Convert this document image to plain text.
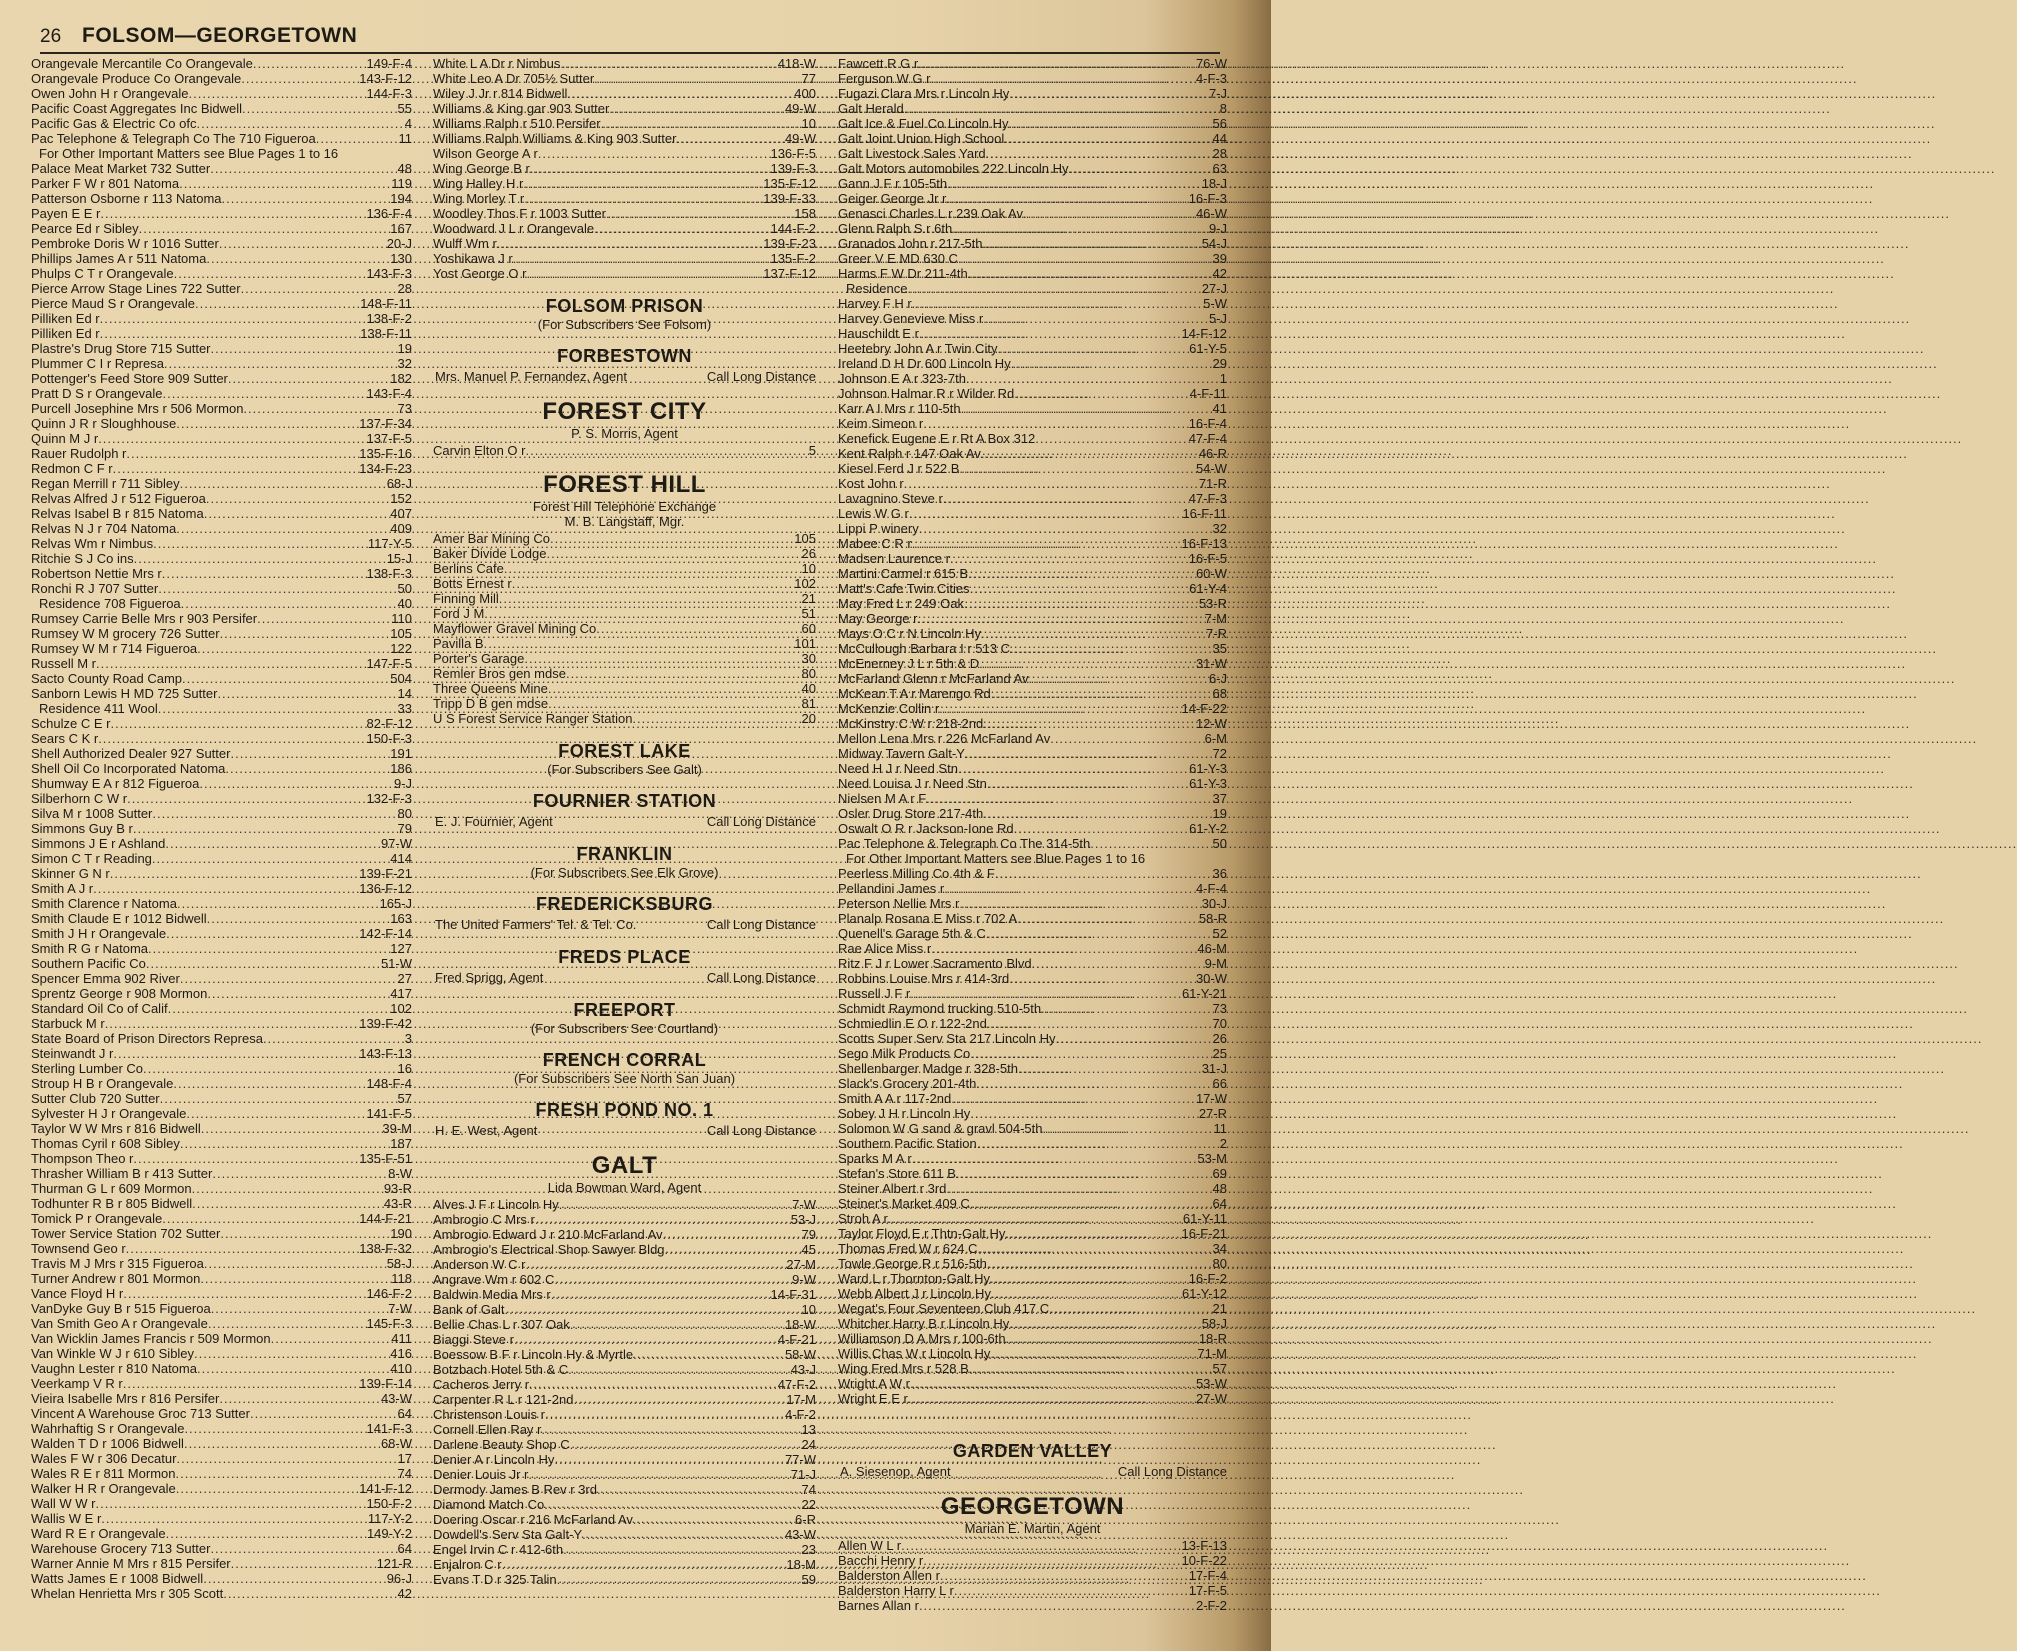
26 FOLSOM—GEORGETOWN
Orangevale Mercantile Co Orangevale .....	149-F-4
Orangevale Produce Co Orangevale .....	143-F-12
Owen John H r Orangevale .....	144-F-3
Pacific Coast Aggregates Inc Bidwell .....	55
Pacific Gas & Electric Co ofc .....	4
Pac Telephone & Telegraph Co The 710 Figueroa .....	11
For Other Important Matters see Blue Pages 1 to 16
Palace Meat Market 732 Sutter .....	48
Parker F W r 801 Natoma .....	119
Patterson Osborne r 113 Natoma .....	194
Payen E E r .....	136-F-4
Pearce Ed r Sibley .....	167
Pembroke Doris W r 1016 Sutter .....	20-J
Phillips James A r 511 Natoma .....	130
Phulps C T r Orangevale .....	143-F-3
Pierce Arrow Stage Lines 722 Sutter .....	28
Pierce Maud S r Orangevale .....	148-F-11
Pilliken Ed r .....	138-F-2
Pilliken Ed r .....	138-F-11
Plastre's Drug Store 715 Sutter .....	19
Plummer C I r Represa .....	32
Pottenger's Feed Store 909 Sutter .....	182
Pratt D S r Orangevale .....	143-F-4
Purcell Josephine Mrs r 506 Mormon .....	73
Quinn J R r Sloughhouse .....	137-F-34
Quinn M J r .....	137-F-5
Rauer Rudolph r .....	135-F-16
Redmon C F r .....	134-F-23
Regan Merrill r 711 Sibley .....	68-J
Relvas Alfred J r 512 Figueroa .....	152
Relvas Isabel B r 815 Natoma .....	407
Relvas N J r 704 Natoma .....	409
Relvas Wm r Nimbus .....	117-Y-5
Ritchie S J Co ins .....	15-J
Robertson Nettie Mrs r .....	138-F-3
Ronchi R J 707 Sutter .....	50
Residence 708 Figueroa .....	40
Rumsey Carrie Belle Mrs r 903 Persifer .....	110
Rumsey W M grocery 726 Sutter .....	105
Rumsey W M r 714 Figueroa .....	122
Russell M r .....	147-F-5
Sacto County Road Camp .....	504
Sanborn Lewis H MD 725 Sutter .....	14
Residence 411 Wool .....	33
Schulze C E r .....	82-F-12
Sears C K r .....	150-F-3
Shell Authorized Dealer 927 Sutter .....	191
Shell Oil Co Incorporated Natoma .....	186
Shumway E A r 812 Figueroa .....	9-J
Silberhorn C W r .....	132-F-3
Silva M r 1008 Sutter .....	80
Simmons Guy B r .....	79
Simmons J E r Ashland .....	97-W
Simon C T r Reading .....	414
Skinner G N r .....	139-F-21
Smith A J r .....	136-F-12
Smith Clarence r Natoma .....	165-J
Smith Claude E r 1012 Bidwell .....	163
Smith J H r Orangevale .....	142-F-14
Smith R G r Natoma .....	127
Southern Pacific Co .....	51-W
Spencer Emma 902 River .....	27
Sprentz George r 908 Mormon .....	417
Standard Oil Co of Calif .....	102
Starbuck M r .....	139-F-42
State Board of Prison Directors Represa .....	3
Steinwandt J r .....	143-F-13
Sterling Lumber Co .....	16
Stroup H B r Orangevale .....	148-F-4
Sutter Club 720 Sutter .....	57
Sylvester H J r Orangevale .....	141-F-5
Taylor W W Mrs r 816 Bidwell .....	39-M
Thomas Cyril r 608 Sibley .....	187
Thompson Theo r .....	135-F-51
Thrasher William B r 413 Sutter .....	8-W
Thurman G L r 609 Mormon .....	93-R
Todhunter R B r 805 Bidwell .....	43-R
Tomick P r Orangevale .....	144-F-21
Tower Service Station 702 Sutter .....	190
Townsend Geo r .....	138-F-32
Travis M J Mrs r 315 Figueroa .....	58-J
Turner Andrew r 801 Mormon .....	118
Vance Floyd H r .....	146-F-2
VanDyke Guy B r 515 Figueroa .....	7-W
Van Smith Geo A r Orangevale .....	145-F-3
Van Wicklin James Francis r 509 Mormon .....	411
Van Winkle W J r 610 Sibley .....	416
Vaughn Lester r 810 Natoma .....	410
Veerkamp V R r .....	139-F-14
Vieira Isabelle Mrs r 816 Persifer .....	43-W
Vincent A Warehouse Groc 713 Sutter .....	64
Wahrhaftig S r Orangevale .....	141-F-3
Walden T D r 1006 Bidwell .....	68-W
Wales F W r 306 Decatur .....	17
Wales R E r 811 Mormon .....	74
Walker H R r Orangevale .....	141-F-12
Wall W W r .....	150-F-2
Wallis W E r .....	117-Y-2
Ward R E r Orangevale .....	149-Y-2
Warehouse Grocery 713 Sutter .....	64
Warner Annie M Mrs r 815 Persifer .....	121-R
Watts James E r 1008 Bidwell .....	96-J
Whelan Henrietta Mrs r 305 Scott .....	42
White L A Dr r Nimbus .....	418-W
White Leo A Dr 705½ Sutter .....	77
Wiley J Jr r 814 Bidwell .....	400
Williams & King gar 903 Sutter .....	49-W
Williams Ralph r 510 Persifer .....	10
Williams Ralph Williams & King 903 Sutter .....	49-W
Wilson George A r .....	136-F-5
Wing George B r .....	139-F-3
Wing Halley H r .....	135-F-12
Wing Morley T r .....	139-F-33
Woodley Thos F r 1003 Sutter .....	158
Woodward J L r Orangevale .....	144-F-2
Wulff Wm r .....	139-F-23
Yoshikawa J r .....	135-F-2
Yost George O r .....	137-F-12
FOLSOM PRISON
(For Subscribers See Folsom)
FORBESTOWN
Mrs. Manuel P. Fernandez, Agent	Call Long Distance
FOREST CITY
P. S. Morris, Agent
Carvin Elton O r .....	5
FOREST HILL
Forest Hill Telephone Exchange
M. B. Langstaff, Mgr.
Amer Bar Mining Co .....	105
Baker Divide Lodge .....	26
Berlins Cafe .....	10
Botts Ernest r .....	102
Finning Mill .....	21
Ford J M .....	51
Mayflower Gravel Mining Co .....	60
Pavilla B .....	101
Porter's Garage .....	30
Remler Bros gen mdse .....	80
Three Queens Mine .....	40
Tripp D B gen mdse .....	81
U S Forest Service Ranger Station .....	20
FOREST LAKE
(For Subscribers See Galt)
FOURNIER STATION
E. J. Fournier, Agent	Call Long Distance
FRANKLIN
(For Subscribers See Elk Grove)
FREDERICKSBURG
The United Farmers' Tel. & Tel. Co.	Call Long Distance
FREDS PLACE
Fred Sprigg, Agent	Call Long Distance
FREEPORT
(For Subscribers See Courtland)
FRENCH CORRAL
(For Subscribers See North San Juan)
FRESH POND NO. 1
H. E. West, Agent	Call Long Distance
GALT
Lida Bowman Ward, Agent
Alves J F r Lincoln Hy .....	7-W
Ambrogio C Mrs r .....	53-J
Ambrogio Edward J r 210 McFarland Av .....	79
Ambrogio's Electrical Shop Sawyer Bldg .....	45
Anderson W C r .....	27-M
Angrave Wm r 602 C .....	9-W
Baldwin Media Mrs r .....	14-F-31
Bank of Galt .....	10
Bellie Chas L r 307 Oak .....	18-W
Biaggi Steve r .....	4-F-21
Boessow B F r Lincoln Hy & Myrtle .....	58-W
Botzbach Hotel 5th & C .....	43-J
Cacheros Jerry r .....	47-F-2
Carpenter R L r 121-2nd .....	17-M
Christenson Louis r .....	4-F-2
Cornell Ellen Ray r .....	13
Darlene Beauty Shop C .....	24
Denier A r Lincoln Hy .....	77-W
Denier Louis Jr r .....	71-J
Dermody James B Rev r 3rd .....	74
Diamond Match Co .....	22
Doering Oscar r 216 McFarland Av .....	6-R
Dowdell's Serv Sta Galt-Y .....	43-W
Engel Irvin C r 412-6th .....	23
Enjalron C r .....	18-M
Evans T D r 325 Talin .....	59
Fawcett R G r .....	76-W
Ferguson W G r .....	4-F-3
Fugazi Clara Mrs r Lincoln Hy .....	7-J
Galt Herald .....	8
Galt Ice & Fuel Co Lincoln Hy .....	56
Galt Joint Union High School .....	44
Galt Livestock Sales Yard .....	28
Galt Motors automobiles 222 Lincoln Hy .....	63
Gann J F r 105-5th .....	18-J
Geiger George Jr r .....	16-F-3
Genasci Charles L r 239 Oak Av .....	46-W
Glenn Ralph S r 6th .....	9-J
Granados John r 217-5th .....	54-J
Greer V E MD 630 C .....	39
Harms F W Dr 211-4th .....	42
Residence .....	27-J
Harvey F H r .....	5-W
Harvey Genevieve Miss r .....	5-J
Hauschildt E r .....	14-F-12
Heetebry John A r Twin City .....	61-Y-5
Ireland D H Dr 600 Lincoln Hy .....	29
Johnson E A r 323-7th .....	1
Johnson Halmar R r Wilder Rd .....	4-F-11
Karr A I Mrs r 110-5th .....	41
Keim Simeon r .....	16-F-4
Kenefick Eugene E r Rt A Box 312 .....	47-F-4
Kent Ralph r 147 Oak Av .....	46-R
Kiesel Ferd J r 522 B .....	54-W
Kost John r .....	71-R
Lavagnino Steve r .....	47-F-3
Lewis W G r .....	16-F-11
Lippi P winery .....	32
Mabee C R r .....	16-F-13
Madsen Laurence r .....	16-F-5
Martini Carmel r 615 B .....	60-W
Matt's Cafe Twin Cities .....	61-Y-4
May Fred L r 249 Oak .....	53-R
May George r .....	7-M
Mays O C r N Lincoln Hy .....	7-R
McCullough Barbara I r 513 C .....	35
McEnerney J L r 5th & D .....	31-W
McFarland Glenn r McFarland Av .....	6-J
McKean T A r Marengo Rd .....	68
McKenzie Collin r .....	14-F-22
McKinstry C W r 218-2nd .....	12-W
Mellon Lena Mrs r 226 McFarland Av .....	6-M
Midway Tavern Galt-Y .....	72
Need H J r Need Stn .....	61-Y-3
Need Louisa J r Need Stn .....	61-Y-3
Nielsen M A r F .....	37
Osler Drug Store 217-4th .....	19
Oswalt O R r Jackson-Ione Rd .....	61-Y-2
Pac Telephone & Telegraph Co The 314-5th .....	50
For Other Important Matters see Blue Pages 1 to 16
Peerless Milling Co 4th & F .....	36
Pellandini James r .....	4-F-4
Peterson Nellie Mrs r .....	30-J
Planalp Rosana E Miss r 702 A .....	58-R
Quenell's Garage 5th & C .....	52
Rae Alice Miss r .....	46-M
Ritz F J r Lower Sacramento Blvd .....	9-M
Robbins Louise Mrs r 414-3rd .....	30-W
Russell J F r .....	61-Y-21
Schmidt Raymond trucking 510-5th .....	73
Schmiedlin E O r 122-2nd .....	70
Scotts Super Serv Sta 217 Lincoln Hy .....	26
Sego Milk Products Co .....	25
Shellenbarger Madge r 328-5th .....	31-J
Slack's Grocery 201-4th .....	66
Smith A A r 117-2nd .....	17-W
Sobey J H r Lincoln Hy .....	27-R
Solomon W G sand & gravl 504-5th .....	11
Southern Pacific Station .....	2
Sparks M A r .....	53-M
Stefan's Store 611 B .....	69
Steiner Albert r 3rd .....	48
Steiner's Market 409 C .....	64
Stroh A r .....	61-Y-11
Taylor Floyd E r Thtn-Galt Hy .....	16-F-21
Thomas Fred W r 624 C .....	34
Towle George R r 516-5th .....	80
Ward L r Thornton-Galt Hy .....	16-F-2
Webb Albert J r Lincoln Hy .....	61-Y-12
Wegat's Four Seventeen Club 417 C .....	21
Whitcher Harry B r Lincoln Hy .....	58-J
Williamson D A Mrs r 100-6th .....	18-R
Willis Chas W r Lincoln Hy .....	71-M
Wing Fred Mrs r 528 B .....	57
Wright A W r .....	53-W
Wright E E r .....	27-W
GARDEN VALLEY
A. Siesenop, Agent	Call Long Distance
GEORGETOWN
Marian E. Martin, Agent
Allen W L r .....	13-F-13
Bacchi Henry r .....	10-F-22
Balderston Allen r .....	17-F-4
Balderston Harry L r .....	17-F-5
Barnes Allan r .....	2-F-2
